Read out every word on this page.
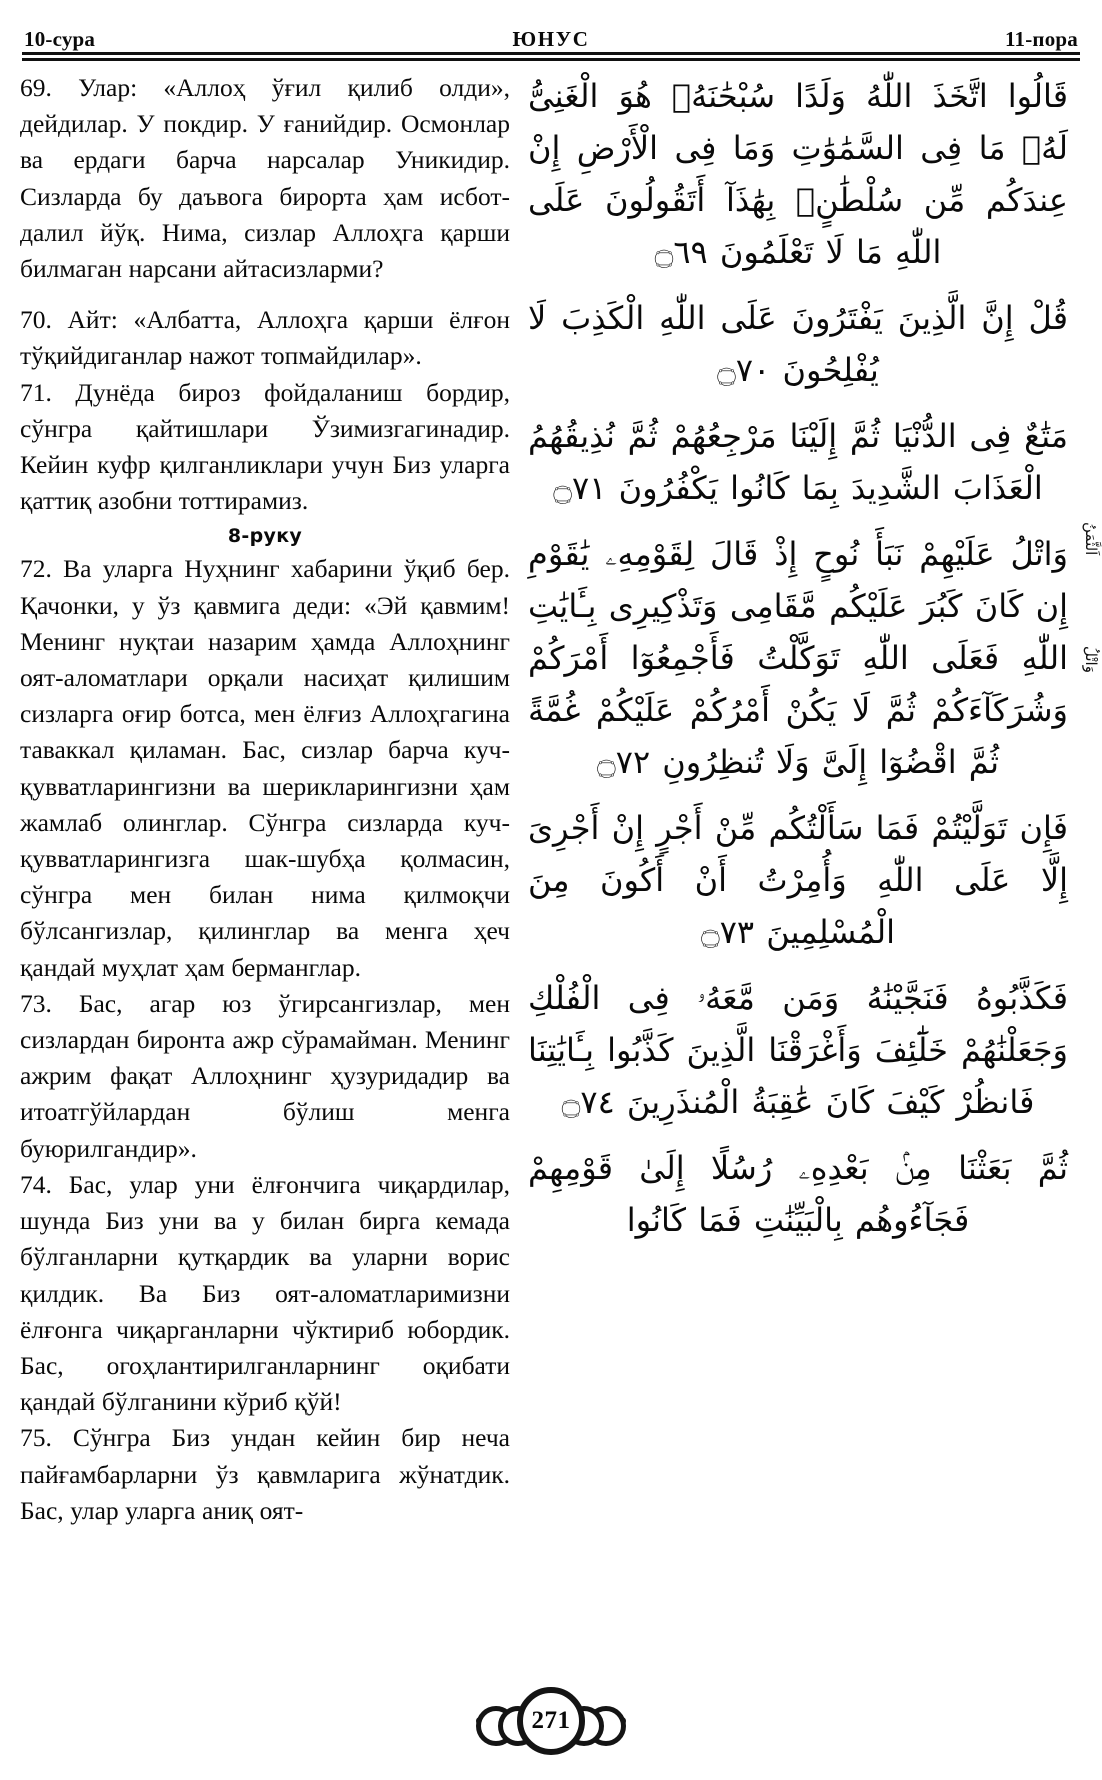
10-сура	ЮНУС	11-пора

69. Улар: «Аллоҳ ўғил қилиб олди», дейдилар. У покдир. У ғанийдир. Осмонлар ва ердаги барча нарсалар Уникидир. Сизларда бу даъвога бирорта ҳам исбот-далил йўқ. Нима, сизлар Аллоҳга қарши билмаган нарсани айтасизларми?

70. Айт: «Албатта, Аллоҳга қарши ёлғон тўқийдиганлар нажот топмайдилар».

71. Дунёда бироз фойдаланиш бордир, сўнгра қайтишлари Ўзимизгагинадир. Кейин куфр қилганликлари учун Биз уларга қаттиқ азобни тоттирамиз.

8-руку

72. Ва уларга Нуҳнинг хабарини ўқиб бер. Қачонки, у ўз қавмига деди: «Эй қавмим! Менинг нуқтаи назарим ҳамда Аллоҳнинг оят-аломатлари орқали насиҳат қилишим сизларга оғир ботса, мен ёлғиз Аллоҳгагина таваккал қиламан. Бас, сизлар барча куч-қувватларингизни ва шерикларингизни ҳам жамлаб олинглар. Сўнгра сизларда куч-қувватларингизга шак-шубҳа қолмасин, сўнгра мен билан нима қилмоқчи бўлсангизлар, қилинглар ва менга ҳеч қандай муҳлат ҳам берманглар.

73. Бас, агар юз ўгирсангизлар, мен сизлардан биронта ажр сўрамайман. Менинг ажрим фақат Аллоҳнинг ҳузуридадир ва итоатгўйлардан бўлиш менга буюрилгандир».

74. Бас, улар уни ёлғончига чиқардилар, шунда Биз уни ва у билан бирга кемада бўлганларни қутқардик ва уларни ворис қилдик. Ва Биз оят-аломатларимизни ёлғонга чиқарганларни чўктириб юбордик. Бас, огоҳлантирилганларнинг оқибати қандай бўлганини кўриб қўй!

75. Сўнгра Биз ундан кейин бир неча пайғамбарларни ўз қавмларига жўнатдик. Бас, улар уларга аниқ оят-

قَالُوا اتَّخَذَ اللّٰهُ وَلَدًا سُبْحَٰنَهُۥ هُوَ الْغَنِىُّ لَهُۥ مَا فِى السَّمَٰوَٰتِ وَمَا فِى الْأَرْضِ إِنْ عِندَكُم مِّن سُلْطَٰنٍۭ بِهَٰذَآ أَتَقُولُونَ عَلَى اللّٰهِ مَا لَا تَعْلَمُونَ ۝٦٩
قُلْ إِنَّ الَّذِينَ يَفْتَرُونَ عَلَى اللّٰهِ الْكَذِبَ لَا يُفْلِحُونَ ۝٧٠
مَتَٰعٌ فِى الدُّنْيَا ثُمَّ إِلَيْنَا مَرْجِعُهُمْ ثُمَّ نُذِيقُهُمُ الْعَذَابَ الشَّدِيدَ بِمَا كَانُوا يَكْفُرُونَ ۝٧١
وَاتْلُ عَلَيْهِمْ نَبَأَ نُوحٍ إِذْ قَالَ لِقَوْمِهِۦ يَٰقَوْمِ إِن كَانَ كَبُرَ عَلَيْكُم مَّقَامِى وَتَذْكِيرِى بِـَٔايَٰتِ اللّٰهِ فَعَلَى اللّٰهِ تَوَكَّلْتُ فَأَجْمِعُوٓا أَمْرَكُمْ وَشُرَكَآءَكُمْ ثُمَّ لَا يَكُنْ أَمْرُكُمْ عَلَيْكُمْ غُمَّةً ثُمَّ اقْضُوٓا إِلَىَّ وَلَا تُنظِرُونِ ۝٧٢
فَإِن تَوَلَّيْتُمْ فَمَا سَأَلْتُكُم مِّنْ أَجْرٍ إِنْ أَجْرِىَ إِلَّا عَلَى اللّٰهِ وَأُمِرْتُ أَنْ أَكُونَ مِنَ الْمُسْلِمِينَ ۝٧٣
فَكَذَّبُوهُ فَنَجَّيْنَٰهُ وَمَن مَّعَهُۥ فِى الْفُلْكِ وَجَعَلْنَٰهُمْ خَلَٰٓئِفَ وَأَغْرَقْنَا الَّذِينَ كَذَّبُوا بِـَٔايَٰتِنَا فَانظُرْ كَيْفَ كَانَ عَٰقِبَةُ الْمُنذَرِينَ ۝٧٤
ثُمَّ بَعَثْنَا مِنۢ بَعْدِهِۦ رُسُلًا إِلَىٰ قَوْمِهِمْ فَجَآءُوهُم بِالْبَيِّنَٰتِ فَمَا كَانُوا
اَلثَّمَنُ
وَاتْلُ
271
